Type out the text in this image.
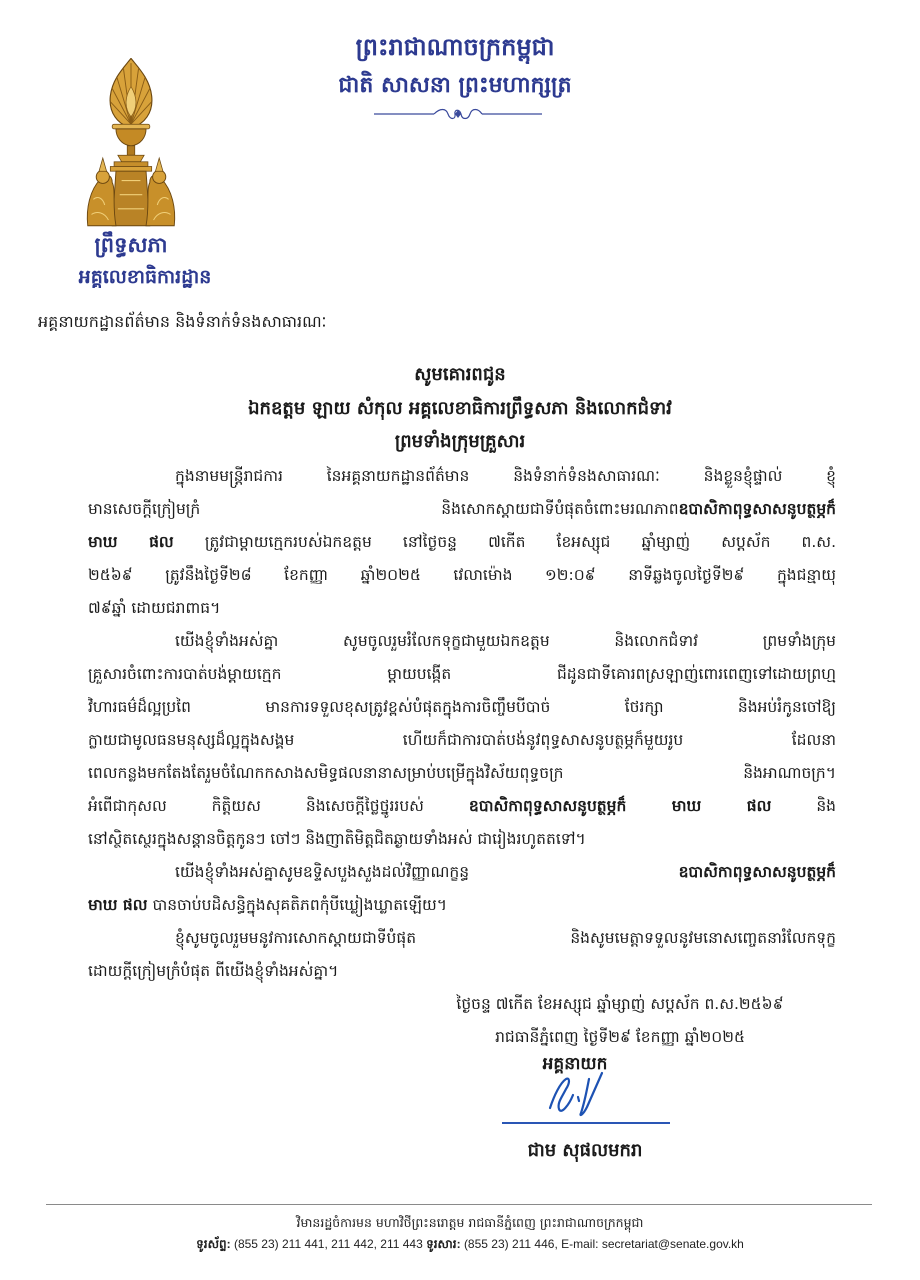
ព្រះរាជាណាចក្រកម្ពុជា
ជាតិ សាសនា ព្រះមហាក្សត្រ
ព្រឹទ្ធសភា
អគ្គលេខាធិការដ្ឋាន
អគ្គនាយកដ្ឋានព័ត៌មាន និងទំនាក់ទំនងសាធារណៈ
សូមគោរពជូន
ឯកឧត្តម ឡាយ សំកុល អគ្គលេខាធិការព្រឹទ្ធសភា និងលោកជំទាវ
ព្រមទាំងក្រុមគ្រួសារ
ក្នុងនាមមន្ត្រីរាជការ នៃអគ្គនាយកដ្ឋានព័ត៌មាន និងទំនាក់ទំនងសាធារណៈ និងខ្លួនខ្ញុំផ្ទាល់ ខ្ញុំ
មានសេចក្តីក្រៀមក្រំ និងសោកស្តាយជាទីបំផុតចំពោះមរណភាពឧបាសិកាពុទ្ធសាសនូបត្ថម្ភក៏
មាឃ ផល ត្រូវជាម្តាយក្មេករបស់ឯកឧត្តម នៅថ្ងៃចន្ទ ៧កើត ខែអស្សុជ ឆ្នាំម្សាញ់ សប្តស័ក ព.ស.
២៥៦៩ ត្រូវនឹងថ្ងៃទី២៨ ខែកញ្ញា ឆ្នាំ២០២៥ វេលាម៉ោង ១២:០៩ នាទីឆ្លងចូលថ្ងៃទី២៩ ក្នុងជន្មាយុ
៧៩ឆ្នាំ ដោយជរាពាធ។
យើងខ្ញុំទាំងអស់គ្នា សូមចូលរួមរំលែកទុក្ខជាមួយឯកឧត្តម និងលោកជំទាវ ព្រមទាំងក្រុម
គ្រួសារចំពោះការបាត់បង់ម្តាយក្មេក ម្តាយបង្កើត ជីដូនជាទីគោរពស្រឡាញ់ពោរពេញទៅដោយព្រហ្ម
វិហារធម៌ដ៏ល្អប្រពៃ មានការទទួលខុសត្រូវខ្ពស់បំផុតក្នុងការចិញ្ចឹមបីបាច់ ថែរក្សា និងអប់រំកូនចៅឱ្យ
ក្លាយជាមូលធនមនុស្សដ៏ល្អក្នុងសង្គម ហើយក៏ជាការបាត់បង់នូវពុទ្ធសាសនូបត្ថម្ភក៏មួយរូប ដែលនា
ពេលកន្លងមកតែងតែរួមចំណែកកសាងសមិទ្ធផលនានាសម្រាប់បម្រើក្នុងវិស័យពុទ្ធចក្រ និងអាណាចក្រ។
អំពើជាកុសល កិត្តិយស និងសេចក្តីថ្លៃថ្នូររបស់	ឧបាសិកាពុទ្ធសាសនូបត្ថម្ភក៏ មាឃ ផល	និង
នៅស្ថិតស្ថេរក្នុងសន្តានចិត្តកូនៗ ចៅៗ និងញាតិមិត្តជិតឆ្ងាយទាំងអស់ ជារៀងរហូតតទៅ។
យើងខ្ញុំទាំងអស់គ្នាសូមឧទ្ទិសបួងសួងដល់វិញ្ញាណក្ខន្ធ	ឧបាសិកាពុទ្ធសាសនូបត្ថម្ភក៏
មាឃ ផល បានចាប់បដិសន្ធិក្នុងសុគតិភពកុំបីឃ្លៀងឃ្លាតឡើយ។
ខ្ញុំសូមចូលរួមមនូវការសោកស្តាយជាទីបំផុត និងសូមមេត្តាទទួលនូវមនោសញ្ចេតនារំលែកទុក្ខ
ដោយក្តីក្រៀមក្រំបំផុត ពីយើងខ្ញុំទាំងអស់គ្នា។
ថ្ងៃចន្ទ ៧កើត ខែអស្សុជ ឆ្នាំម្សាញ់ សប្តស័ក ព.ស.២៥៦៩
រាជធានីភ្នំពេញ ថ្ងៃទី២៩ ខែកញ្ញា ឆ្នាំ២០២៥
អគ្គនាយក
ជាម សុផលមករា
វិមានរដ្ឋចំការមន មហាវិថីព្រះនរោត្តម រាជធានីភ្នំពេញ ព្រះរាជាណាចក្រកម្ពុជា
ទូរស័ព្ទ: (855 23) 211 441, 211 442, 211 443 ទូរសារ: (855 23) 211 446, E-mail: secretariat@senate.gov.kh
